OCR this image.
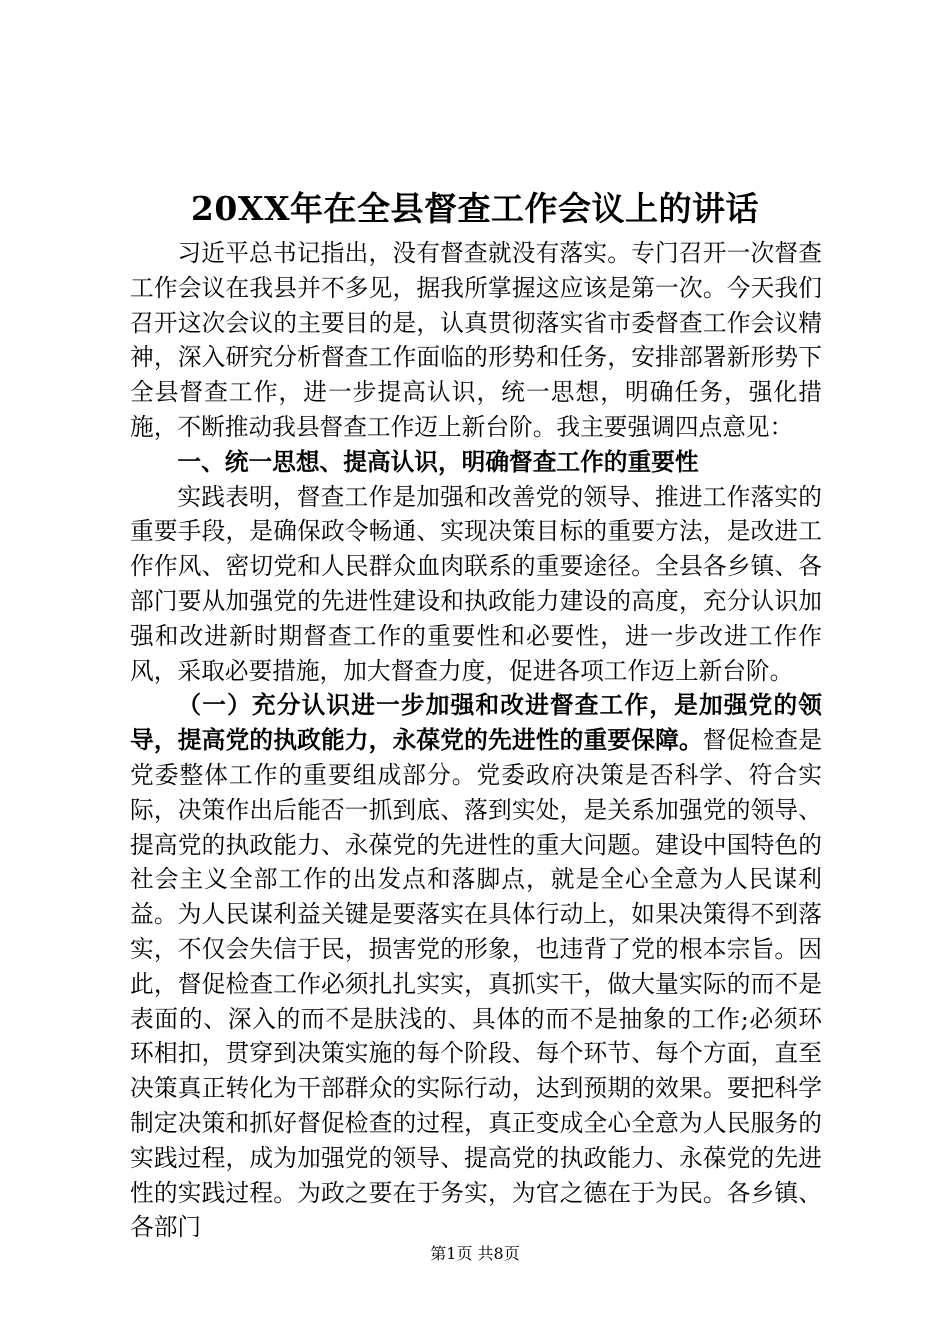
20XX年在全县督查工作会议上的讲话

习近平总书记指出，没有督查就没有落实。专门召开一次督查工作会议在我县并不多见，据我所掌握这应该是第一次。今天我们召开这次会议的主要目的是，认真贯彻落实省市委督查工作会议精神，深入研究分析督查工作面临的形势和任务，安排部署新形势下全县督查工作，进一步提高认识，统一思想，明确任务，强化措施，不断推动我县督查工作迈上新台阶。我主要强调四点意见：

一、统一思想、提高认识，明确督查工作的重要性

实践表明，督查工作是加强和改善党的领导、推进工作落实的重要手段，是确保政令畅通、实现决策目标的重要方法，是改进工作作风、密切党和人民群众血肉联系的重要途径。全县各乡镇、各部门要从加强党的先进性建设和执政能力建设的高度，充分认识加强和改进新时期督查工作的重要性和必要性，进一步改进工作作风，采取必要措施，加大督查力度，促进各项工作迈上新台阶。

（一）充分认识进一步加强和改进督查工作，是加强党的领导，提高党的执政能力，永葆党的先进性的重要保障。督促检查是党委整体工作的重要组成部分。党委政府决策是否科学、符合实际，决策作出后能否一抓到底、落到实处，是关系加强党的领导、提高党的执政能力、永葆党的先进性的重大问题。建设中国特色的社会主义全部工作的出发点和落脚点，就是全心全意为人民谋利益。为人民谋利益关键是要落实在具体行动上，如果决策得不到落实，不仅会失信于民，损害党的形象，也违背了党的根本宗旨。因此，督促检查工作必须扎扎实实，真抓实干，做大量实际的而不是表面的、深入的而不是肤浅的、具体的而不是抽象的工作;必须环环相扣，贯穿到决策实施的每个阶段、每个环节、每个方面，直至决策真正转化为干部群众的实际行动，达到预期的效果。要把科学制定决策和抓好督促检查的过程，真正变成全心全意为人民服务的实践过程，成为加强党的领导、提高党的执政能力、永葆党的先进性的实践过程。为政之要在于务实，为官之德在于为民。各乡镇、各部门

第1页 共8页
